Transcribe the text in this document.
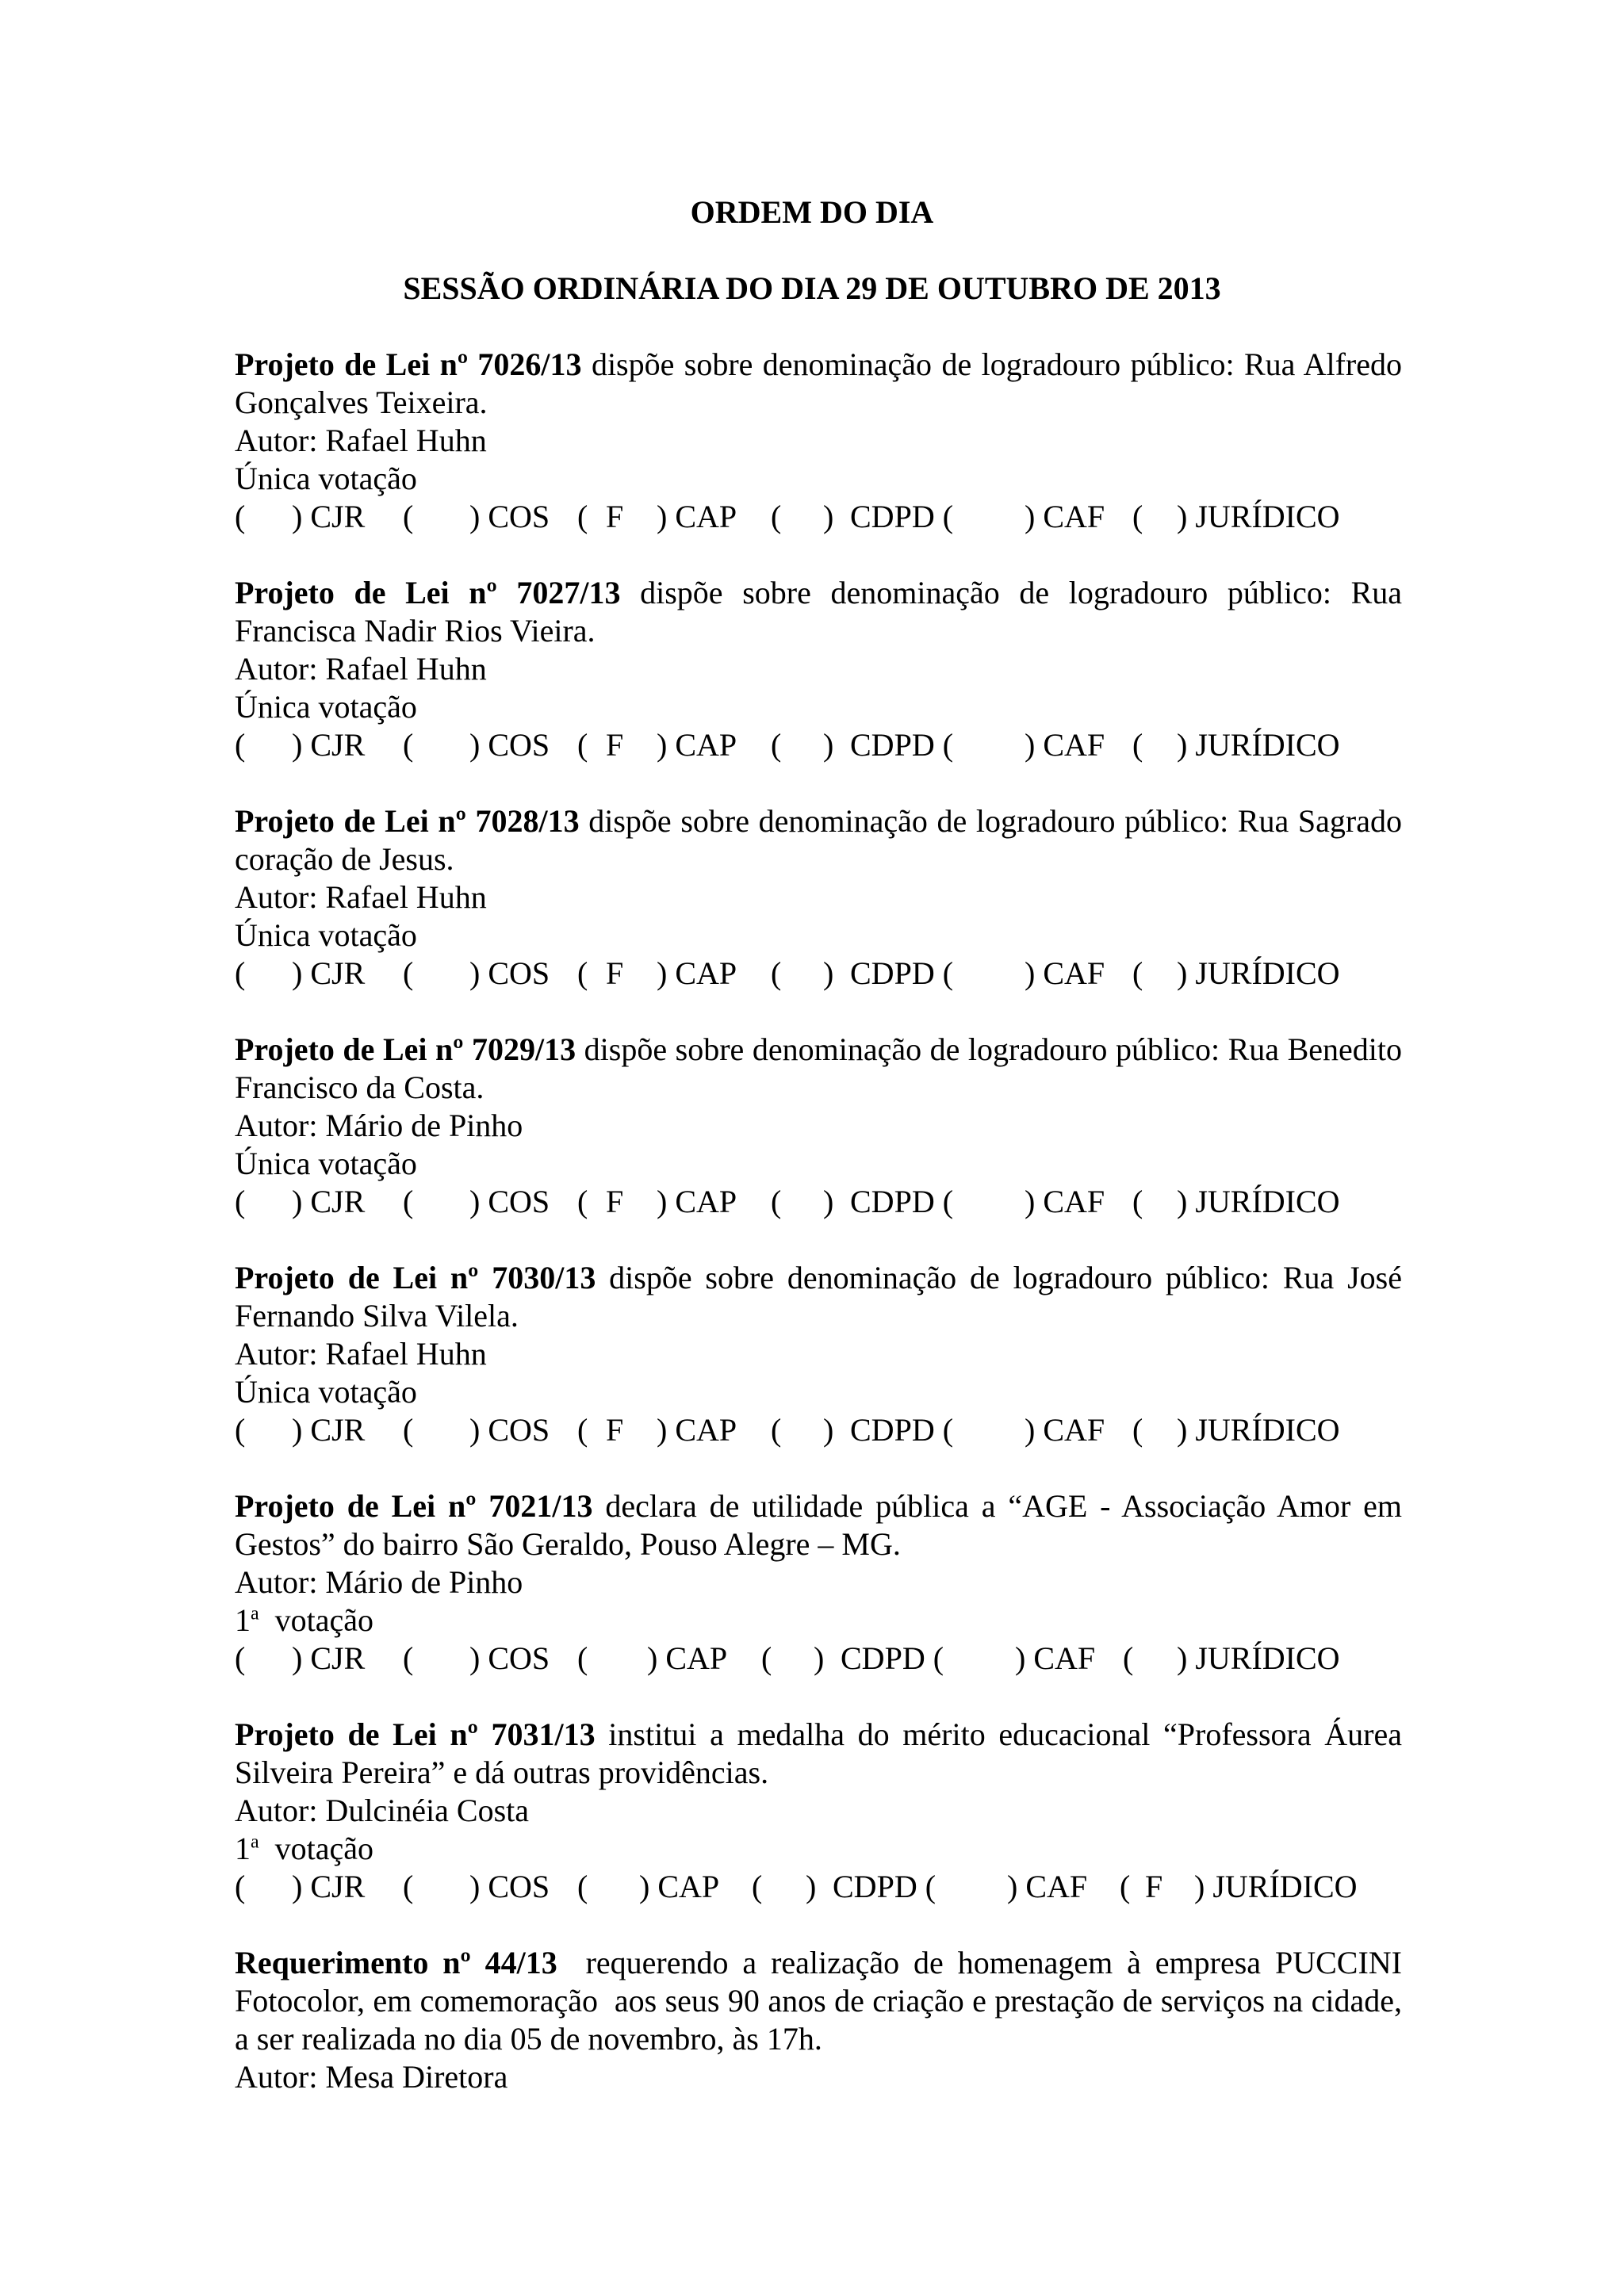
ORDEM DO DIA
SESSÃO ORDINÁRIA DO DIA 29 DE OUTUBRO DE 2013

Projeto de Lei nº 7026/13 dispõe sobre denominação de logradouro público: Rua Alfredo Gonçalves Teixeira.

Autor: Rafael Huhn

Única votação

( ) CJR ( ) COS ( F ) CAP ( ) CDPD ( ) CAF ( ) JURÍDICO

Projeto de Lei nº 7027/13 dispõe sobre denominação de logradouro público: Rua Francisca Nadir Rios Vieira.

Autor: Rafael Huhn

Única votação

( ) CJR ( ) COS ( F ) CAP ( ) CDPD ( ) CAF ( ) JURÍDICO

Projeto de Lei nº 7028/13 dispõe sobre denominação de logradouro público: Rua Sagrado coração de Jesus.

Autor: Rafael Huhn

Única votação

( ) CJR ( ) COS ( F ) CAP ( ) CDPD ( ) CAF ( ) JURÍDICO

Projeto de Lei nº 7029/13 dispõe sobre denominação de logradouro público: Rua Benedito Francisco da Costa.

Autor: Mário de Pinho

Única votação

( ) CJR ( ) COS ( F ) CAP ( ) CDPD ( ) CAF ( ) JURÍDICO

Projeto de Lei nº 7030/13 dispõe sobre denominação de logradouro público: Rua José Fernando Silva Vilela.

Autor: Rafael Huhn

Única votação

( ) CJR ( ) COS ( F ) CAP ( ) CDPD ( ) CAF ( ) JURÍDICO

Projeto de Lei nº 7021/13 declara de utilidade pública a “AGE - Associação Amor em Gestos” do bairro São Geraldo, Pouso Alegre – MG.

Autor: Mário de Pinho

1$^a$  votação

( ) CJR ( ) COS ( ) CAP ( ) CDPD ( ) CAF ( ) JURÍDICO

Projeto de Lei nº 7031/13 institui a medalha do mérito educacional “Professora Áurea Silveira Pereira” e dá outras providências.

Autor: Dulcinéia Costa

1$^a$  votação

( ) CJR ( ) COS ( ) CAP ( ) CDPD ( ) CAF ( F ) JURÍDICO

Requerimento nº 44/13  requerendo a realização de homenagem à empresa PUCCINI Fotocolor, em comemoração  aos seus 90 anos de criação e prestação de serviços na cidade, a ser realizada no dia 05 de novembro, às 17h.

Autor: Mesa Diretora
